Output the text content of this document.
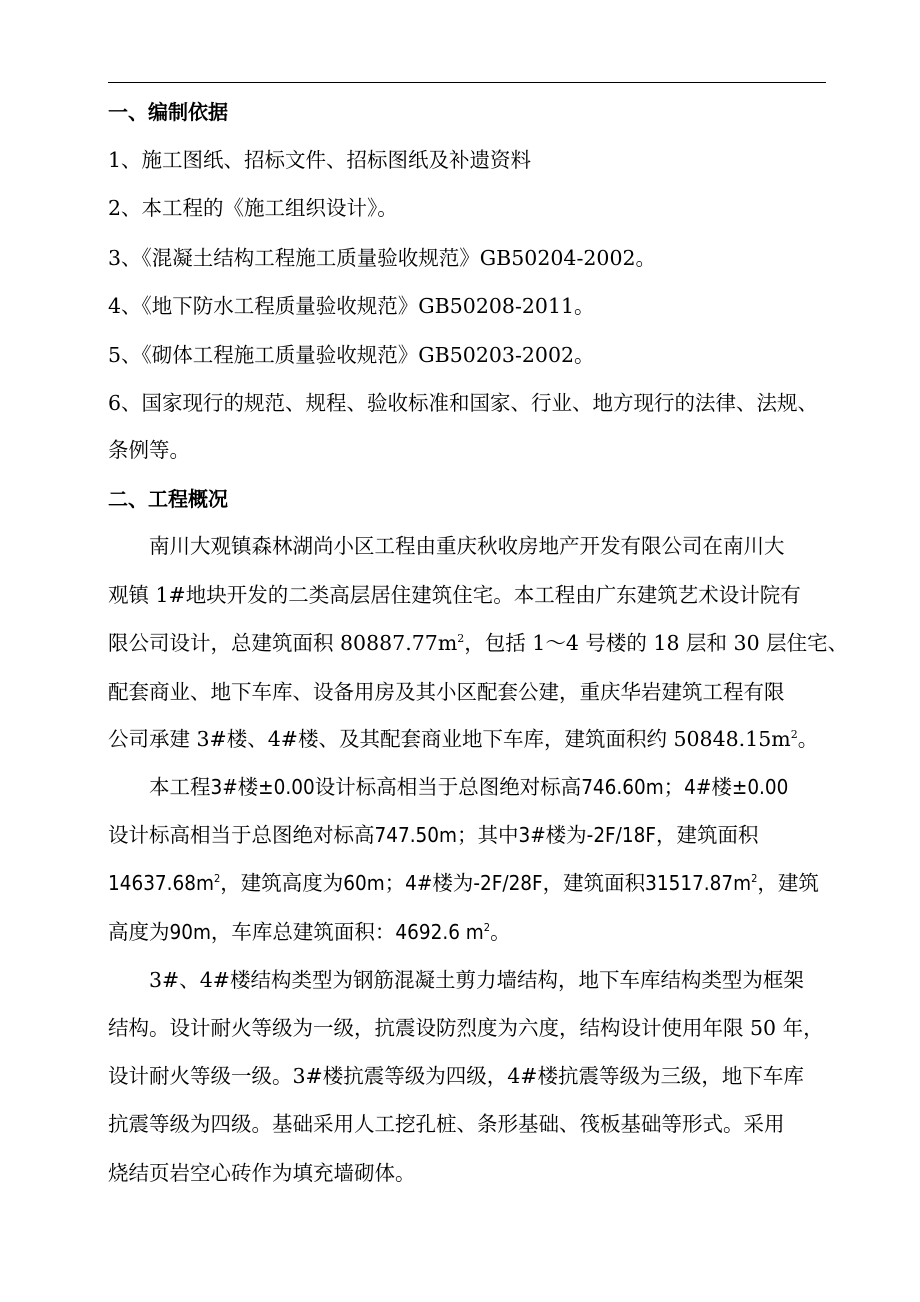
一、编制依据
1、施工图纸、招标文件、招标图纸及补遗资料
2、本工程的《施工组织设计》。
3、《混凝土结构工程施工质量验收规范》GB50204-2002。
4、《地下防水工程质量验收规范》GB50208-2011。
5、《砌体工程施工质量验收规范》GB50203-2002。
6、国家现行的规范、规程、验收标准和国家、行业、地方现行的法律、法规、
条例等。
二、工程概况
南川大观镇森林湖尚小区工程由重庆秋收房地产开发有限公司在南川大
观镇 1#地块开发的二类高层居住建筑住宅。本工程由广东建筑艺术设计院有
限公司设计，总建筑面积 $80887.77m^2$，包括 1～4 号楼的 18 层和 30 层住宅、
配套商业、地下车库、设备用房及其小区配套公建，重庆华岩建筑工程有限
公司承建 3#楼、4#楼、及其配套商业地下车库，建筑面积约 $50848.15m^2$。
本工程3#楼±0.00设计标高相当于总图绝对标高746.60m；4#楼±0.00
设计标高相当于总图绝对标高747.50m；其中3#楼为-2F/18F，建筑面积
$14637.68m^2$，建筑高度为60m；4#楼为-2F/28F，建筑面积$31517.87m^2$，建筑
高度为90m，车库总建筑面积：4692.6 $m^2$。
3#、4#楼结构类型为钢筋混凝土剪力墙结构，地下车库结构类型为框架
结构。设计耐火等级为一级，抗震设防烈度为六度，结构设计使用年限 50 年，
设计耐火等级一级。3#楼抗震等级为四级，4#楼抗震等级为三级，地下车库
抗震等级为四级。基础采用人工挖孔桩、条形基础、筏板基础等形式。采用
烧结页岩空心砖作为填充墙砌体。
